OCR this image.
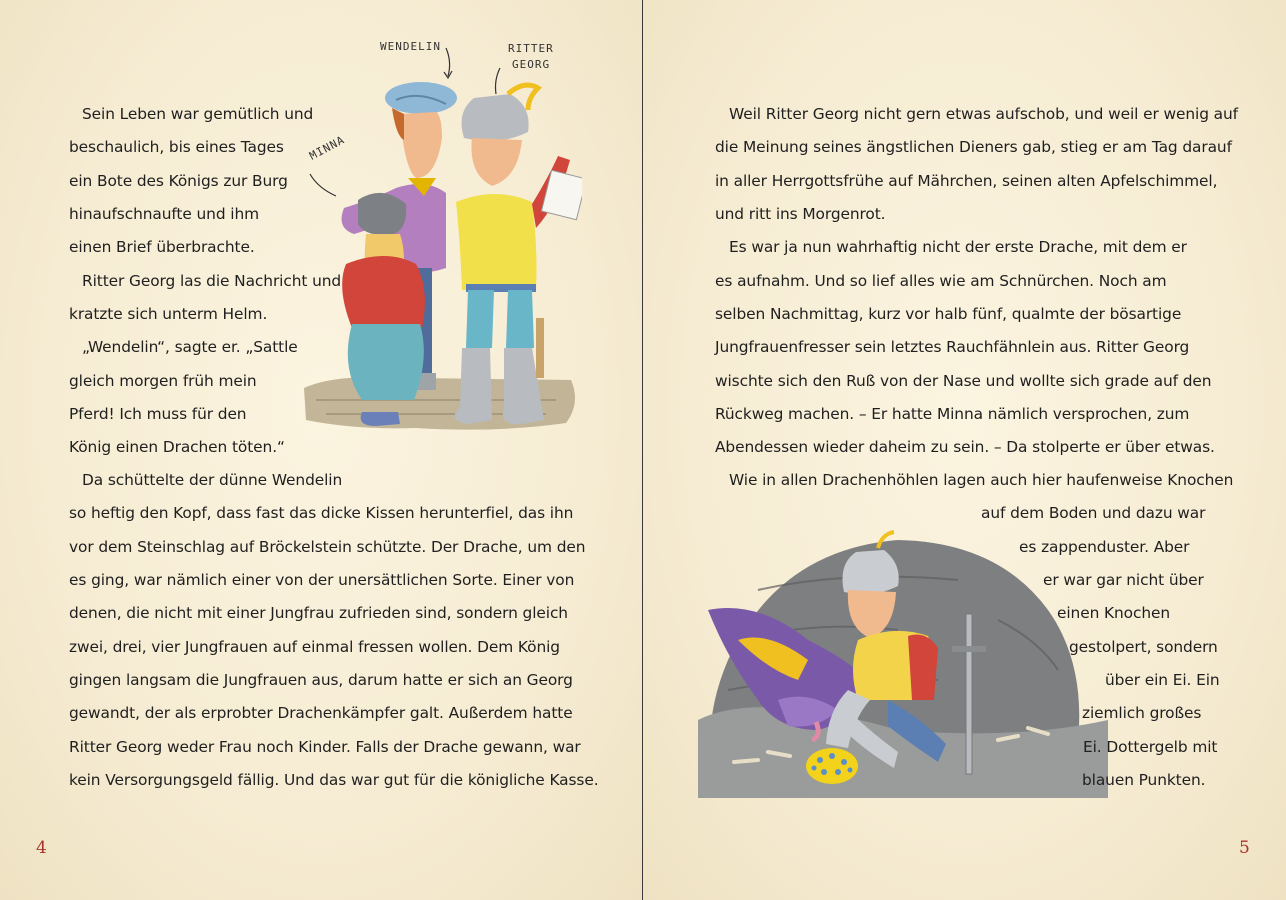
WENDELIN	RITTER
GEORG
MINNA
Sein Leben war gemütlich und
beschaulich, bis eines Tages
ein Bote des Königs zur Burg
hinaufschnaufte und ihm
einen Brief überbrachte.
Ritter Georg las die Nachricht und
kratzte sich unterm Helm.
„Wendelin“, sagte er. „Sattle
gleich morgen früh mein
Pferd! Ich muss für den
König einen Drachen töten.“
Da schüttelte der dünne Wendelin
so heftig den Kopf, dass fast das dicke Kissen herunterfiel, das ihn
vor dem Steinschlag auf Bröckelstein schützte. Der Drache, um den
es ging, war nämlich einer von der unersättlichen Sorte. Einer von
denen, die nicht mit einer Jungfrau zufrieden sind, sondern gleich
zwei, drei, vier Jungfrauen auf einmal fressen wollen. Dem König
gingen langsam die Jungfrauen aus, darum hatte er sich an Georg
gewandt, der als erprobter Drachenkämpfer galt. Außerdem hatte
Ritter Georg weder Frau noch Kinder. Falls der Drache gewann, war
kein Versorgungsgeld fällig. Und das war gut für die königliche Kasse.
4
Weil Ritter Georg nicht gern etwas aufschob, und weil er wenig auf
die Meinung seines ängstlichen Dieners gab, stieg er am Tag darauf
in aller Herrgottsfrühe auf Mährchen, seinen alten Apfelschimmel,
und ritt ins Morgenrot.
Es war ja nun wahrhaftig nicht der erste Drache, mit dem er
es aufnahm. Und so lief alles wie am Schnürchen. Noch am
selben Nachmittag, kurz vor halb fünf, qualmte der bösartige
Jungfrauenfresser sein letztes Rauchfähnlein aus. Ritter Georg
wischte sich den Ruß von der Nase und wollte sich grade auf den
Rückweg machen. – Er hatte Minna nämlich versprochen, zum
Abendessen wieder daheim zu sein. – Da stolperte er über etwas.
Wie in allen Drachenhöhlen lagen auch hier haufenweise Knochen
auf dem Boden und dazu war
es zappenduster. Aber
er war gar nicht über
einen Knochen
gestolpert, sondern
über ein Ei. Ein
ziemlich großes
Ei. Dottergelb mit
blauen Punkten.
5
